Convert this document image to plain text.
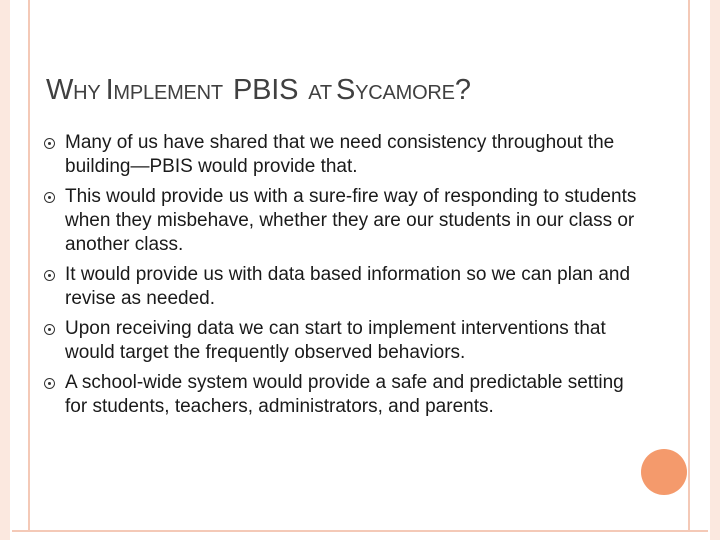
WHY IMPLEMENT PBIS AT SYCAMORE?
Many of us have shared that we need consistency throughout the building—PBIS would provide that.
This would provide us with a sure-fire way of responding to students when they misbehave, whether they are our students in our class or another class.
It would provide us with data based information so we can plan and revise as needed.
Upon receiving data we can start to implement interventions that would target the frequently observed behaviors.
A school-wide system would provide a safe and predictable setting for students, teachers, administrators, and parents.
